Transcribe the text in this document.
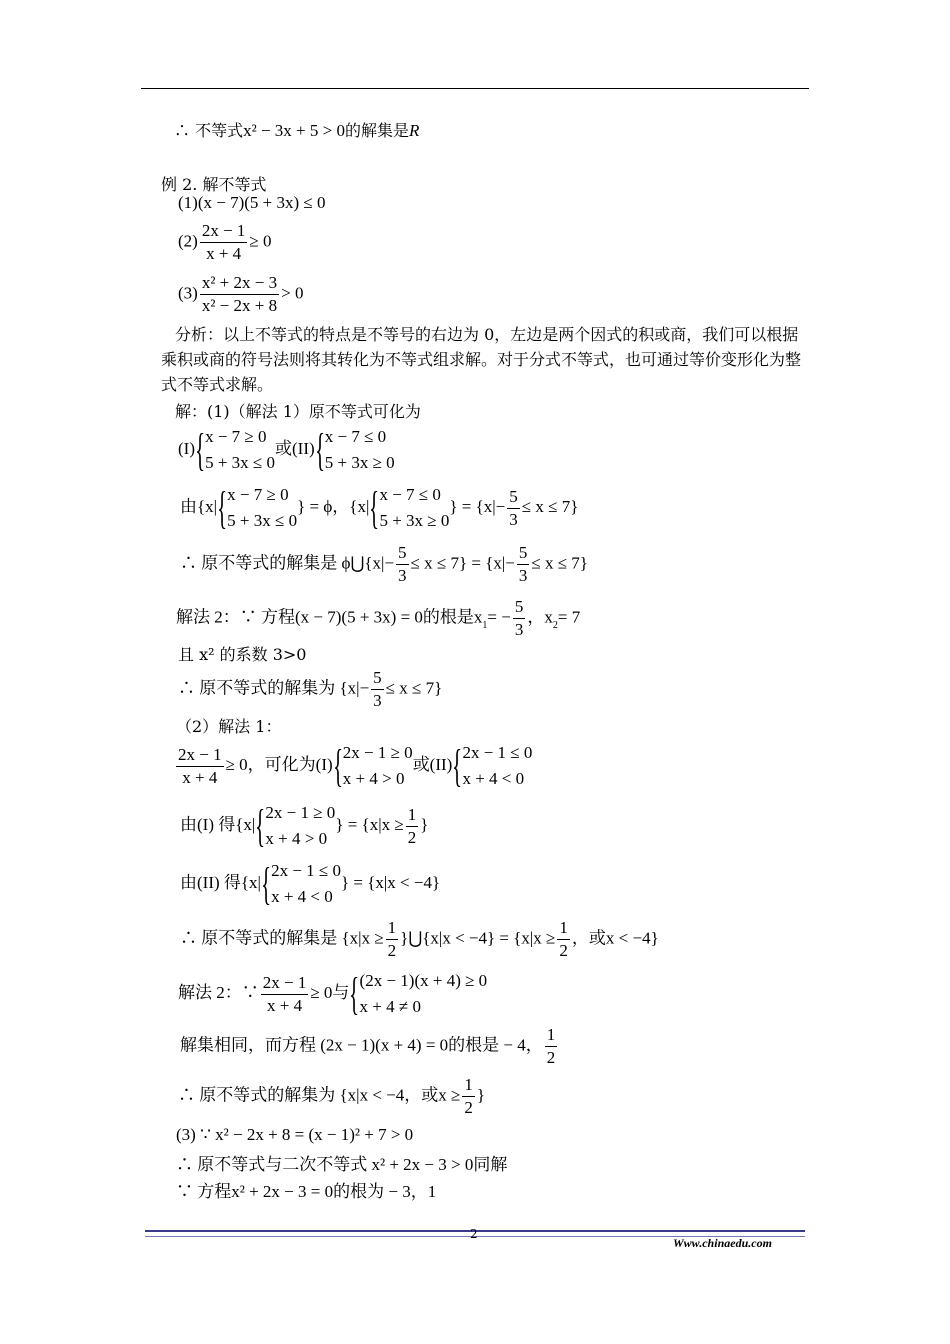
∴ 不等式x² − 3x + 5 > 0的解集是R
例 2. 解不等式
(1)(x − 7)(5 + 3x) ≤ 0
$(2) \frac{2x - 1}{x + 4} \ge 0$
$(3) \frac{\text{x² + 2x − 3}}{\text{x² − 2x + 8}} > 0$
分析：以上不等式的特点是不等号的右边为 0，左边是两个因式的积或商，我们可以根据乘积或商的符号法则将其转化为不等式组求解。对于分式不等式，也可通过等价变形化为整式不等式求解。
解：(1)（解法 1）原不等式可化为
(I){ x − 7 ≥ 0
5 + 3x ≤ 0
或(II){ x − 7 ≤ 0
5 + 3x ≥ 0
由{x|{ x − 7 ≥ 0
5 + 3x ≤ 0
} = ϕ，{x|{ x − 7 ≤ 0
5 + 3x ≥ 0
} = $\{x|- \frac{5}{3} \le x \le 7\}$
∴ 原不等式的解集是 ϕ⋃{x|− $\frac{5}{3} \le x \le 7\} = \{x|- \frac{5}{3} \le x \le 7\}$
解法 2：∵ 方程(x − 7)(5 + 3x) = 0的根是$x_1= - \frac{5}{3}$ ，$x_2= 7$
且 x² 的系数 3>0
∴ 原不等式的解集为 $\{x|- \frac{5}{3} \le x \le 7\}$
（2）解法 1：
$\frac{2x - 1}{x + 4} \ge 0$，可化为(I){ 2x − 1 ≥ 0
x + 4 > 0
或(II){ 2x − 1 ≤ 0
x + 4 < 0
由(I) 得{x|{ 2x − 1 ≥ 0
x + 4 > 0
} = {$x|x \ge \frac{1}{2}$ }
由(II) 得{x|{ 2x − 1 ≤ 0
x + 4 < 0
} = {x|x < −4}
∴ 原不等式的解集是 {$x|x \ge \frac{1}{2}$ }⋃{x|x < $-4\} = \{x|x \ge \frac{1}{2}$ ，或x < −4}
解法 2：∵ $\frac{2x - 1}{x + 4} \ge 0$与{ (2x − 1)(x + 4) ≥ 0
x + 4 ≠ 0
解集相同，而方程 (2x − 1)(x + 4) = 0的根是 − 4， $\frac{1}{2}$
∴ 原不等式的解集为 {x|x < −4，或$x \ge \frac{1}{2}$ }
(3) ∵ x² − 2x + 8 = (x − 1)² + 7 > 0
∴ 原不等式与二次不等式 x² + 2x − 3 > 0同解
∵ 方程x² + 2x − 3 = 0的根为 − 3，1
2
Www.chinaedu.com
